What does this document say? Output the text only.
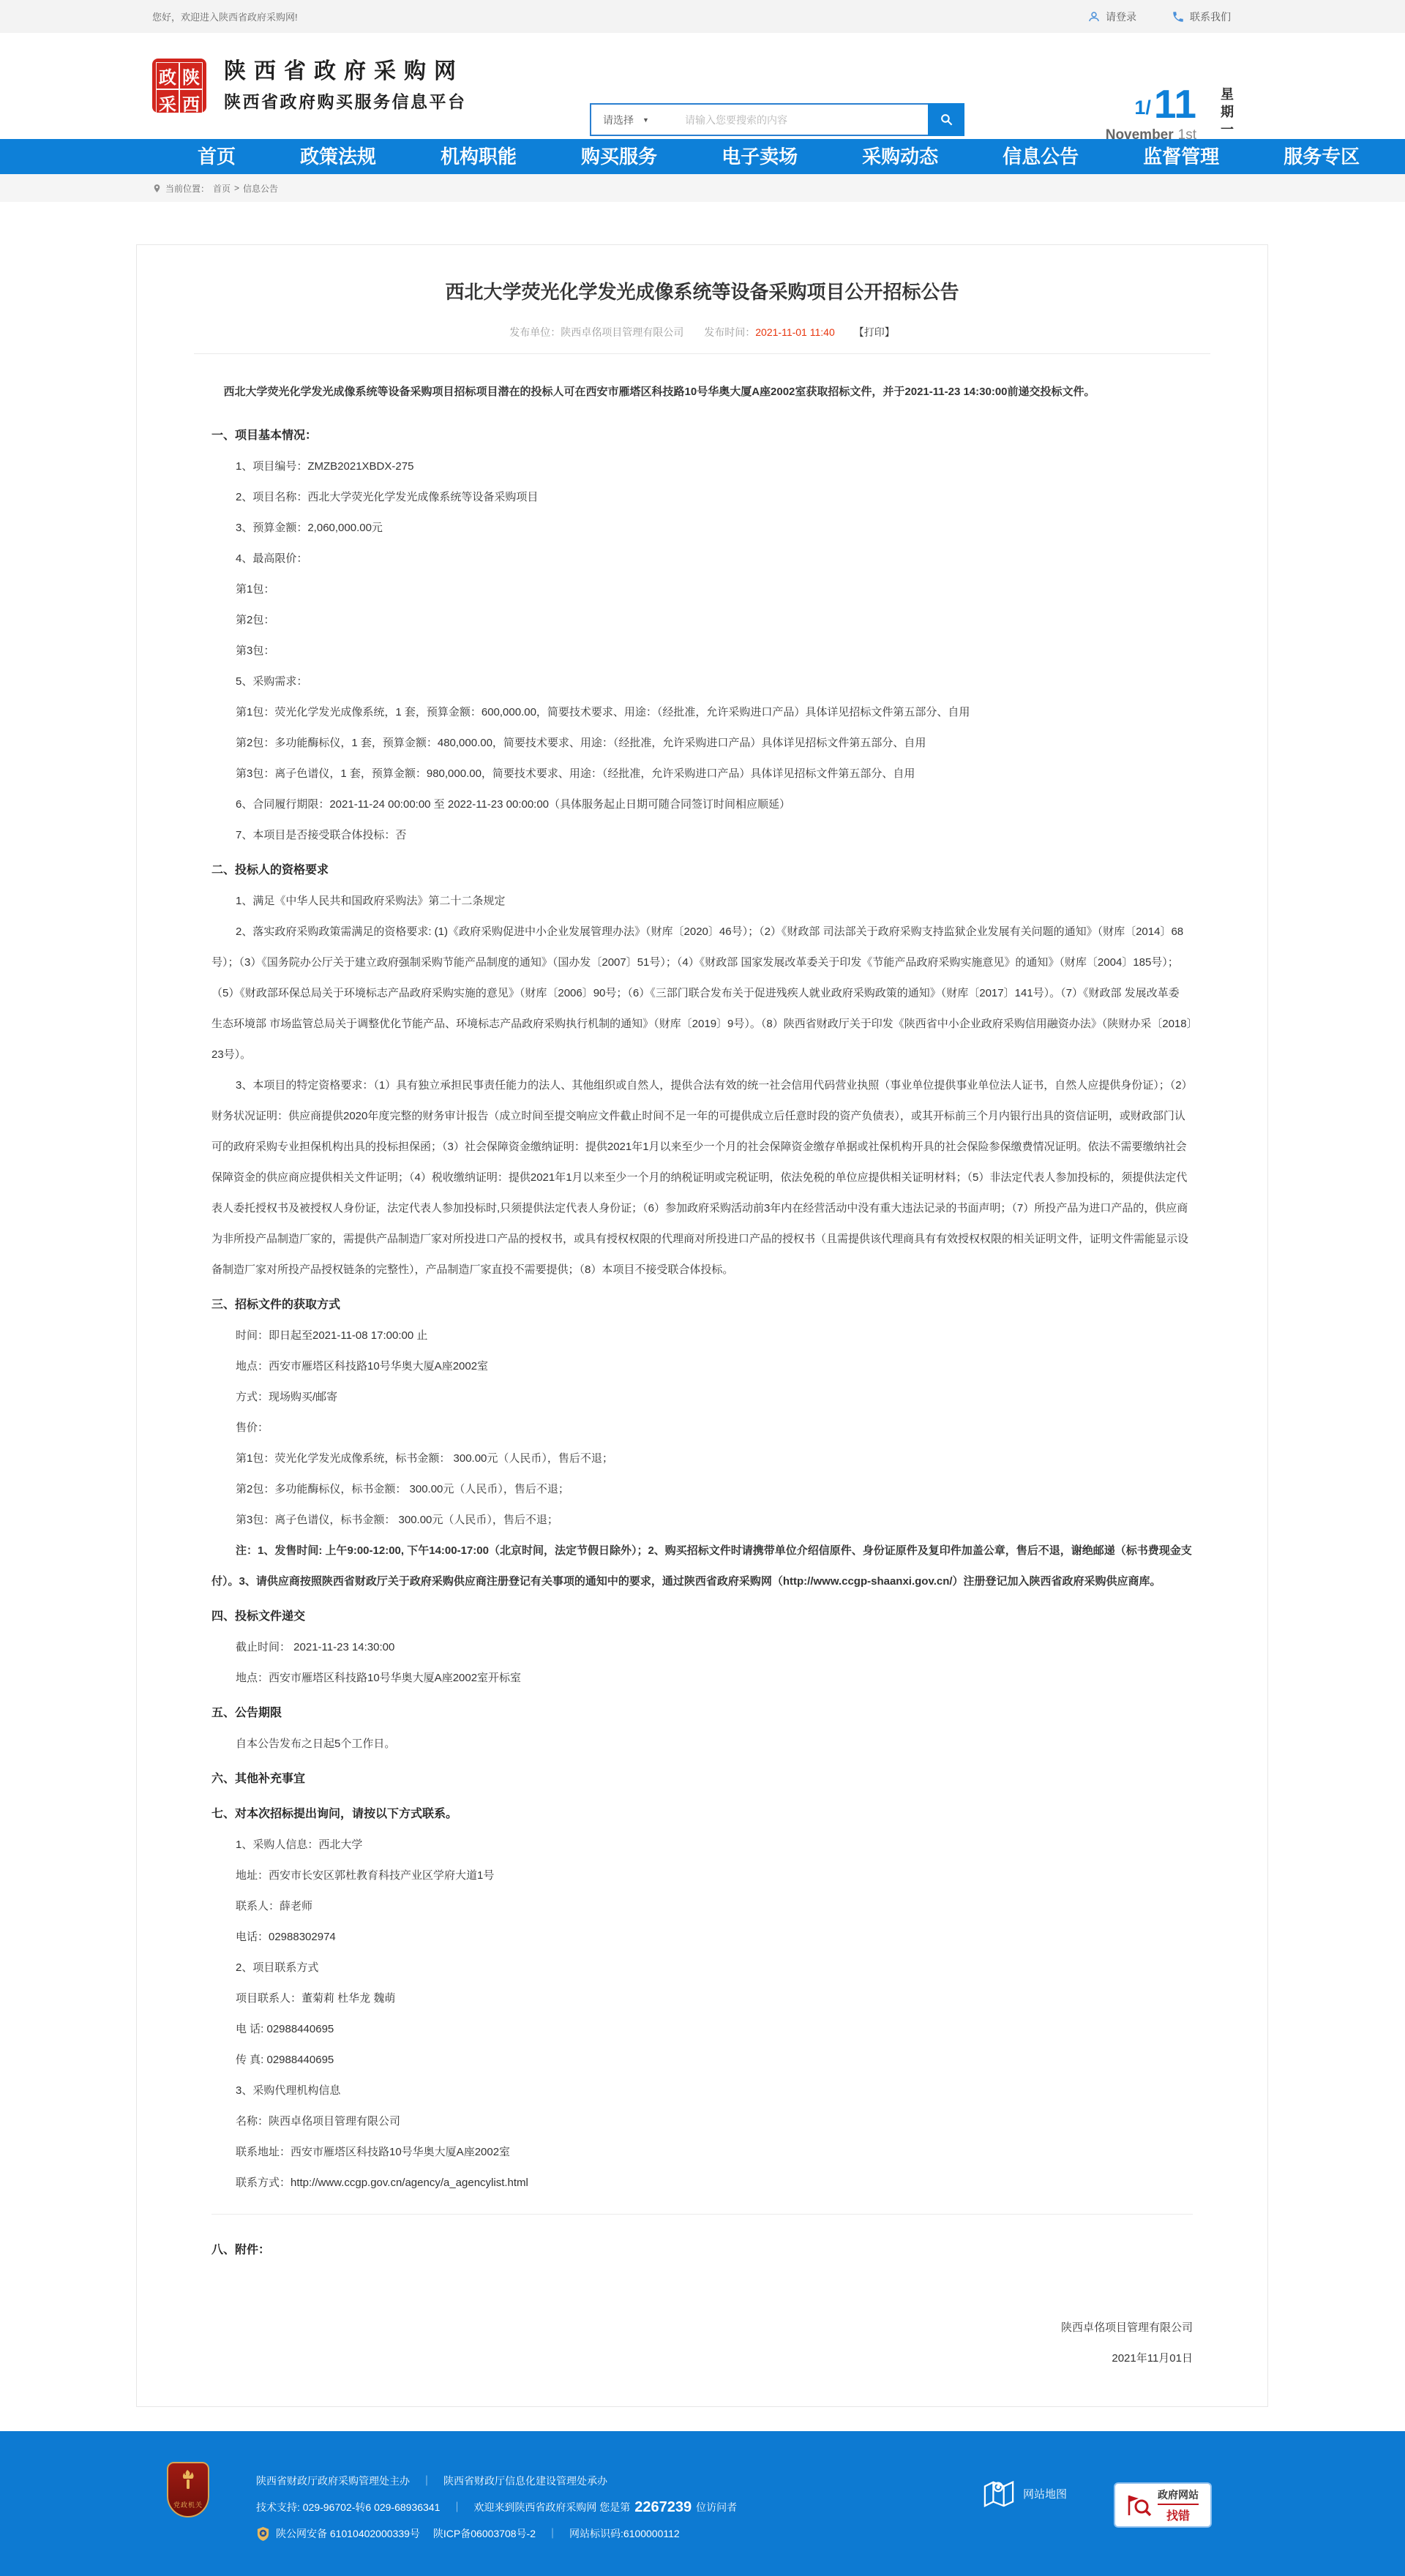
您好，欢迎进入陕西省政府采购网!	请登录	联系我们
政 陕
采 西
陕西省政府采购网
陕西省政府购买服务信息平台
请选择 ▼
请输入您要搜索的内容
1/ 11
November 1st 星期一
首页	政策法规	机构职能	购买服务	电子卖场	采购动态	信息公告	监督管理	服务专区
当前位置： 首页 > 信息公告
西北大学荧光化学发光成像系统等设备采购项目公开招标公告
发布单位：陕西卓佲项目管理有限公司 发布时间：2021-11-01 11:40 【打印】

西北大学荧光化学发光成像系统等设备采购项目招标项目潜在的投标人可在西安市雁塔区科技路10号华奥大厦A座2002室获取招标文件，并于2021-11-23 14:30:00前递交投标文件。

一、项目基本情况：

1、项目编号：ZMZB2021XBDX-275

2、项目名称：西北大学荧光化学发光成像系统等设备采购项目

3、预算金额：2,060,000.00元

4、最高限价：

第1包：

第2包：

第3包：

5、采购需求：

第1包：荧光化学发光成像系统，1 套，预算金额：600,000.00，简要技术要求、用途：（经批准，允许采购进口产品）具体详见招标文件第五部分、自用

第2包：多功能酶标仪，1 套，预算金额：480,000.00，简要技术要求、用途：（经批准，允许采购进口产品）具体详见招标文件第五部分、自用

第3包：离子色谱仪，1 套，预算金额：980,000.00，简要技术要求、用途：（经批准，允许采购进口产品）具体详见招标文件第五部分、自用

6、合同履行期限：2021-11-24 00:00:00 至 2022-11-23 00:00:00（具体服务起止日期可随合同签订时间相应顺延）

7、本项目是否接受联合体投标：否

二、投标人的资格要求

1、满足《中华人民共和国政府采购法》第二十二条规定

2、落实政府采购政策需满足的资格要求: (1)《政府采购促进中小企业发展管理办法》（财库〔2020〕46号）；（2）《财政部 司法部关于政府采购支持监狱企业发展有关问题的通知》（财库〔2014〕68号）；（3）《国务院办公厅关于建立政府强制采购节能产品制度的通知》（国办发〔2007〕51号）；（4）《财政部 国家发展改革委关于印发《节能产品政府采购实施意见》的通知》（财库〔2004〕185号）；（5）《财政部环保总局关于环境标志产品政府采购实施的意见》（财库〔2006〕90号；（6）《三部门联合发布关于促进残疾人就业政府采购政策的通知》（财库〔2017〕141号）。（7）《财政部 发展改革委 生态环境部 市场监管总局关于调整优化节能产品、环境标志产品政府采购执行机制的通知》（财库〔2019〕9号）。（8）陕西省财政厅关于印发《陕西省中小企业政府采购信用融资办法》（陕财办采〔2018〕23号）。

3、本项目的特定资格要求：（1）具有独立承担民事责任能力的法人、其他组织或自然人，提供合法有效的统一社会信用代码营业执照（事业单位提供事业单位法人证书，自然人应提供身份证）；（2）财务状况证明：供应商提供2020年度完整的财务审计报告（成立时间至提交响应文件截止时间不足一年的可提供成立后任意时段的资产负债表），或其开标前三个月内银行出具的资信证明，或财政部门认可的政府采购专业担保机构出具的投标担保函；（3）社会保障资金缴纳证明：提供2021年1月以来至少一个月的社会保障资金缴存单据或社保机构开具的社会保险参保缴费情况证明。依法不需要缴纳社会保障资金的供应商应提供相关文件证明；（4）税收缴纳证明：提供2021年1月以来至少一个月的纳税证明或完税证明，依法免税的单位应提供相关证明材料；（5）非法定代表人参加投标的，须提供法定代表人委托授权书及被授权人身份证，法定代表人参加投标时,只须提供法定代表人身份证；（6）参加政府采购活动前3年内在经营活动中没有重大违法记录的书面声明；（7）所投产品为进口产品的，供应商为非所投产品制造厂家的，需提供产品制造厂家对所投进口产品的授权书，或具有授权权限的代理商对所投进口产品的授权书（且需提供该代理商具有有效授权权限的相关证明文件，证明文件需能显示设备制造厂家对所投产品授权链条的完整性），产品制造厂家直投不需要提供；（8）本项目不接受联合体投标。

三、招标文件的获取方式

时间：即日起至2021-11-08 17:00:00 止

地点：西安市雁塔区科技路10号华奥大厦A座2002室

方式：现场购买/邮寄

售价：

第1包：荧光化学发光成像系统，标书金额： 300.00元（人民币），售后不退；

第2包：多功能酶标仪，标书金额： 300.00元（人民币），售后不退；

第3包：离子色谱仪，标书金额： 300.00元（人民币），售后不退；

注：1、发售时间: 上午9:00-12:00, 下午14:00-17:00（北京时间，法定节假日除外）；2、购买招标文件时请携带单位介绍信原件、身份证原件及复印件加盖公章，售后不退，谢绝邮递（标书费现金支付）。3、请供应商按照陕西省财政厅关于政府采购供应商注册登记有关事项的通知中的要求，通过陕西省政府采购网（http://www.ccgp-shaanxi.gov.cn/）注册登记加入陕西省政府采购供应商库。

四、投标文件递交

截止时间： 2021-11-23 14:30:00

地点：西安市雁塔区科技路10号华奥大厦A座2002室开标室

五、公告期限

自本公告发布之日起5个工作日。

六、其他补充事宜

七、对本次招标提出询问，请按以下方式联系。

1、采购人信息：西北大学

地址：西安市长安区郭杜教育科技产业区学府大道1号

联系人：薛老师

电话：02988302974

2、项目联系方式

项目联系人：董菊莉 杜华龙 魏萌

电 话: 02988440695

传 真: 02988440695

3、采购代理机构信息

名称：陕西卓佲项目管理有限公司

联系地址：西安市雁塔区科技路10号华奥大厦A座2002室

联系方式：http://www.ccgp.gov.cn/agency/a_agencylist.html

八、附件：

陕西卓佲项目管理有限公司

2021年11月01日

党政机关
陕西省财政厅政府采购管理处主办 ｜ 陕西省财政厅信息化建设管理处承办
技术支持: 029-96702-转6 029-68936341 ｜ 欢迎来到陕西省政府采购网 您是第 2267239 位访问者
陕公网安备 61010402000339号 陕ICP备06003708号-2 ｜ 网站标识码: 6100000112
网站地图	政府网站
找错
